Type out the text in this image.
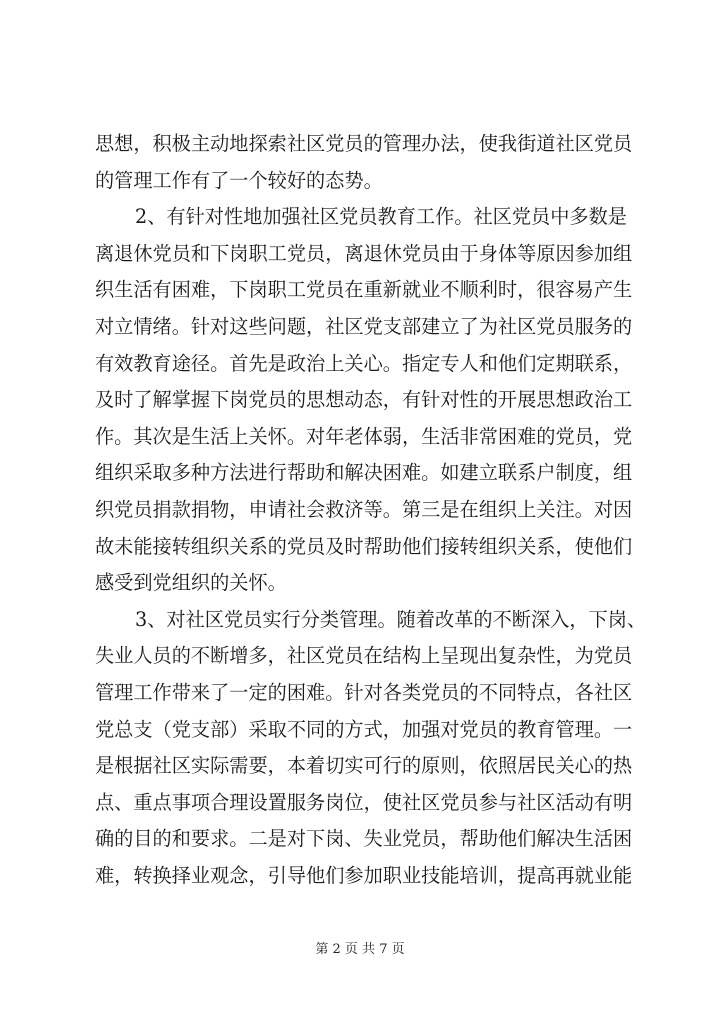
思想，积极主动地探索社区党员的管理办法，使我街道社区党员
的管理工作有了一个较好的态势。
2、有针对性地加强社区党员教育工作。社区党员中多数是
离退休党员和下岗职工党员，离退休党员由于身体等原因参加组
织生活有困难，下岗职工党员在重新就业不顺利时，很容易产生
对立情绪。针对这些问题，社区党支部建立了为社区党员服务的
有效教育途径。首先是政治上关心。指定专人和他们定期联系，
及时了解掌握下岗党员的思想动态，有针对性的开展思想政治工
作。其次是生活上关怀。对年老体弱，生活非常困难的党员，党
组织采取多种方法进行帮助和解决困难。如建立联系户制度，组
织党员捐款捐物，申请社会救济等。第三是在组织上关注。对因
故未能接转组织关系的党员及时帮助他们接转组织关系，使他们
感受到党组织的关怀。
3、对社区党员实行分类管理。随着改革的不断深入，下岗、
失业人员的不断增多，社区党员在结构上呈现出复杂性，为党员
管理工作带来了一定的困难。针对各类党员的不同特点，各社区
党总支（党支部）采取不同的方式，加强对党员的教育管理。一
是根据社区实际需要，本着切实可行的原则，依照居民关心的热
点、重点事项合理设置服务岗位，使社区党员参与社区活动有明
确的目的和要求。二是对下岗、失业党员，帮助他们解决生活困
难，转换择业观念，引导他们参加职业技能培训，提高再就业能
第 2 页 共 7 页
